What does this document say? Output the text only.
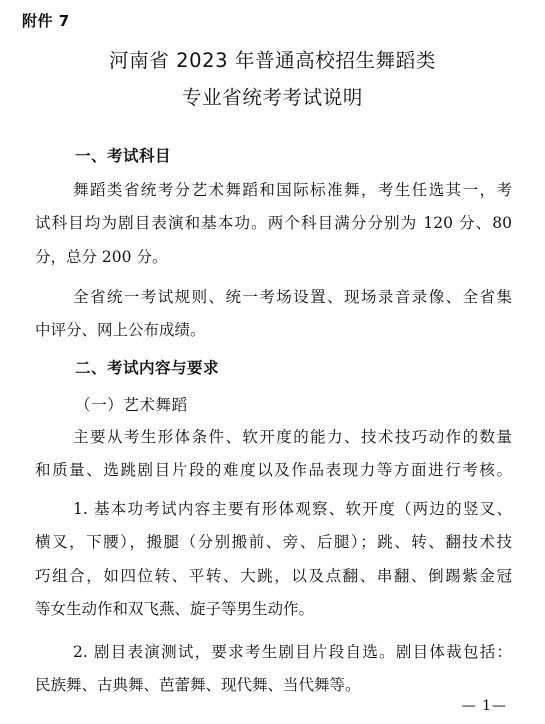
附件 7
河南省 2023 年普通高校招生舞蹈类
专业省统考考试说明
一、考试科目
舞蹈类省统考分艺术舞蹈和国际标准舞，考生任选其一，考
试科目均为剧目表演和基本功。两个科目满分分别为 120 分、80
分，总分 200 分。
全省统一考试规则、统一考场设置、现场录音录像、全省集
中评分、网上公布成绩。
二、考试内容与要求
（一）艺术舞蹈
主要从考生形体条件、软开度的能力、技术技巧动作的数量
和质量、选跳剧目片段的难度以及作品表现力等方面进行考核。
1. 基本功考试内容主要有形体观察、软开度（两边的竖叉、
横叉，下腰），搬腿（分别搬前、旁、后腿）；跳、转、翻技术技
巧组合，如四位转、平转、大跳，以及点翻、串翻、倒踢紫金冠
等女生动作和双飞燕、旋子等男生动作。
2. 剧目表演测试，要求考生剧目片段自选。剧目体裁包括：
民族舞、古典舞、芭蕾舞、现代舞、当代舞等。
— 1—
